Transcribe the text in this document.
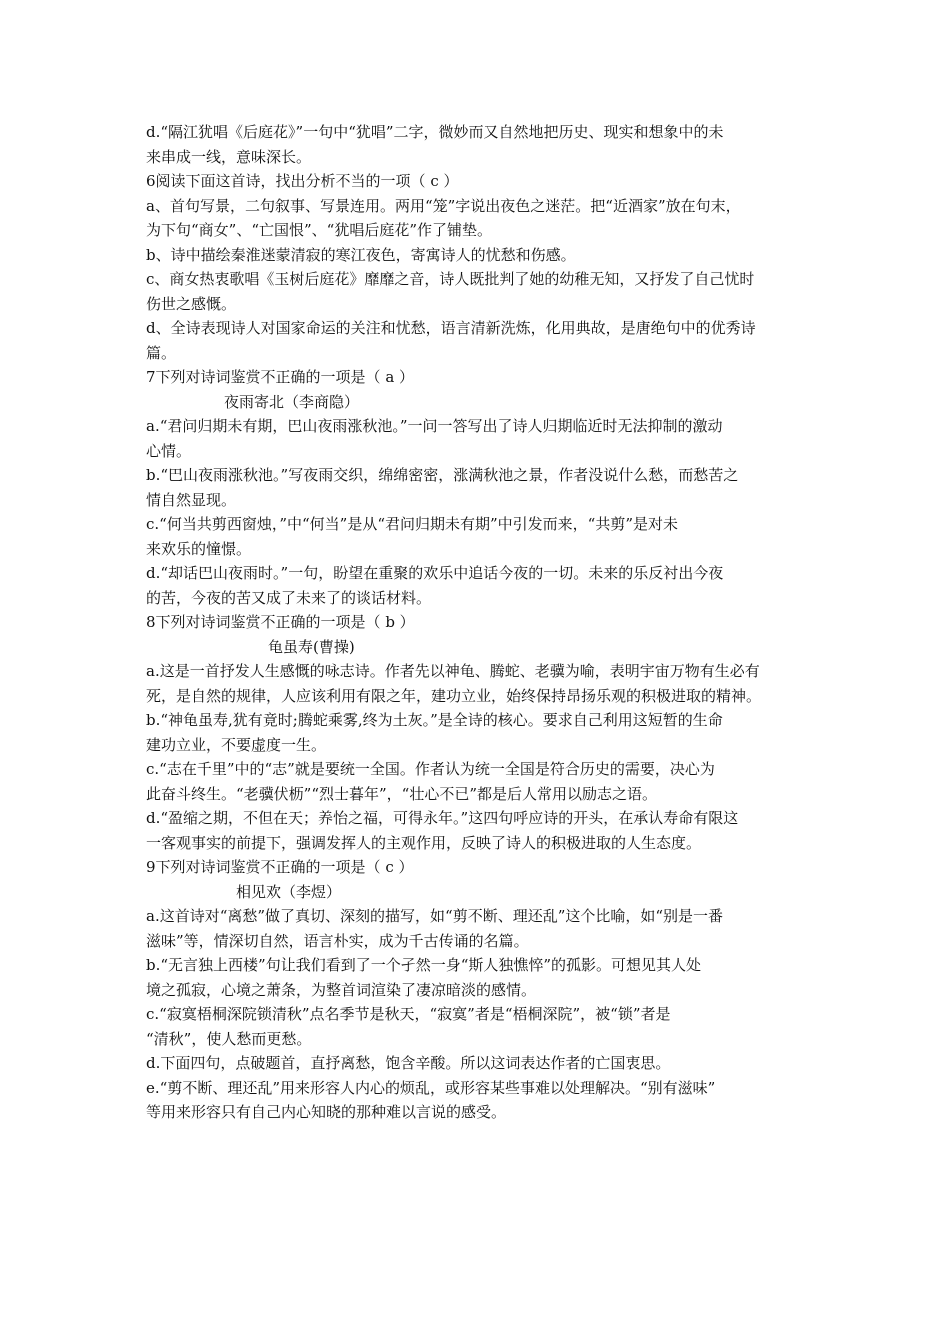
d.“隔江犹唱《后庭花》”一句中“犹唱”二字，微妙而又自然地把历史、现实和想象中的未
来串成一线，意味深长。
6阅读下面这首诗，找出分析不当的一项（ c ）
a、首句写景，二句叙事、写景连用。两用“笼”字说出夜色之迷茫。把“近酒家”放在句末，
为下句“商女”、“亡国恨”、“犹唱后庭花”作了铺垫。
b、诗中描绘秦淮迷蒙清寂的寒江夜色，寄寓诗人的忧愁和伤感。
c、商女热衷歌唱《玉树后庭花》靡靡之音，诗人既批判了她的幼稚无知，又抒发了自己忧时
伤世之感慨。
d、全诗表现诗人对国家命运的关注和忧愁，语言清新洗炼，化用典故，是唐绝句中的优秀诗
篇。
7下列对诗词鉴赏不正确的一项是（ a ）
夜雨寄北（李商隐）
a.“君问归期未有期，巴山夜雨涨秋池。”一问一答写出了诗人归期临近时无法抑制的激动
心情。
b.“巴山夜雨涨秋池。”写夜雨交织，绵绵密密，涨满秋池之景，作者没说什么愁，而愁苦之
情自然显现。
c.“何当共剪西窗烛，”中“何当”是从“君问归期未有期”中引发而来，“共剪”是对未
来欢乐的憧憬。
d.“却话巴山夜雨时。”一句，盼望在重聚的欢乐中追话今夜的一切。未来的乐反衬出今夜
的苦，今夜的苦又成了未来了的谈话材料。
8下列对诗词鉴赏不正确的一项是（ b ）
龟虽寿(曹操)
a.这是一首抒发人生感慨的咏志诗。作者先以神龟、腾蛇、老骥为喻，表明宇宙万物有生必有
死，是自然的规律，人应该利用有限之年，建功立业，始终保持昂扬乐观的积极进取的精神。
b.“神龟虽寿,犹有竟时;腾蛇乘雾,终为土灰。”是全诗的核心。要求自己利用这短暂的生命
建功立业，不要虚度一生。
c.“志在千里”中的“志”就是要统一全国。作者认为统一全国是符合历史的需要，决心为
此奋斗终生。“老骥伏枥”“烈士暮年”，“壮心不已”都是后人常用以励志之语。
d.“盈缩之期，不但在天；养怡之福，可得永年。”这四句呼应诗的开头，在承认寿命有限这
一客观事实的前提下，强调发挥人的主观作用，反映了诗人的积极进取的人生态度。
9下列对诗词鉴赏不正确的一项是（ c ）
相见欢（李煜）
a.这首诗对“离愁”做了真切、深刻的描写，如“剪不断、理还乱”这个比喻，如“别是一番
滋味”等，情深切自然，语言朴实，成为千古传诵的名篇。
b.“无言独上西楼”句让我们看到了一个孑然一身“斯人独憔悴”的孤影。可想见其人处
境之孤寂，心境之萧条，为整首词渲染了凄凉暗淡的感情。
c.“寂寞梧桐深院锁清秋”点名季节是秋天，“寂寞”者是“梧桐深院”，被“锁”者是
“清秋”，使人愁而更愁。
d.下面四句，点破题首，直抒离愁，饱含辛酸。所以这词表达作者的亡国衷思。
e.“剪不断、理还乱”用来形容人内心的烦乱，或形容某些事难以处理解决。“别有滋味”
等用来形容只有自己内心知晓的那种难以言说的感受。
